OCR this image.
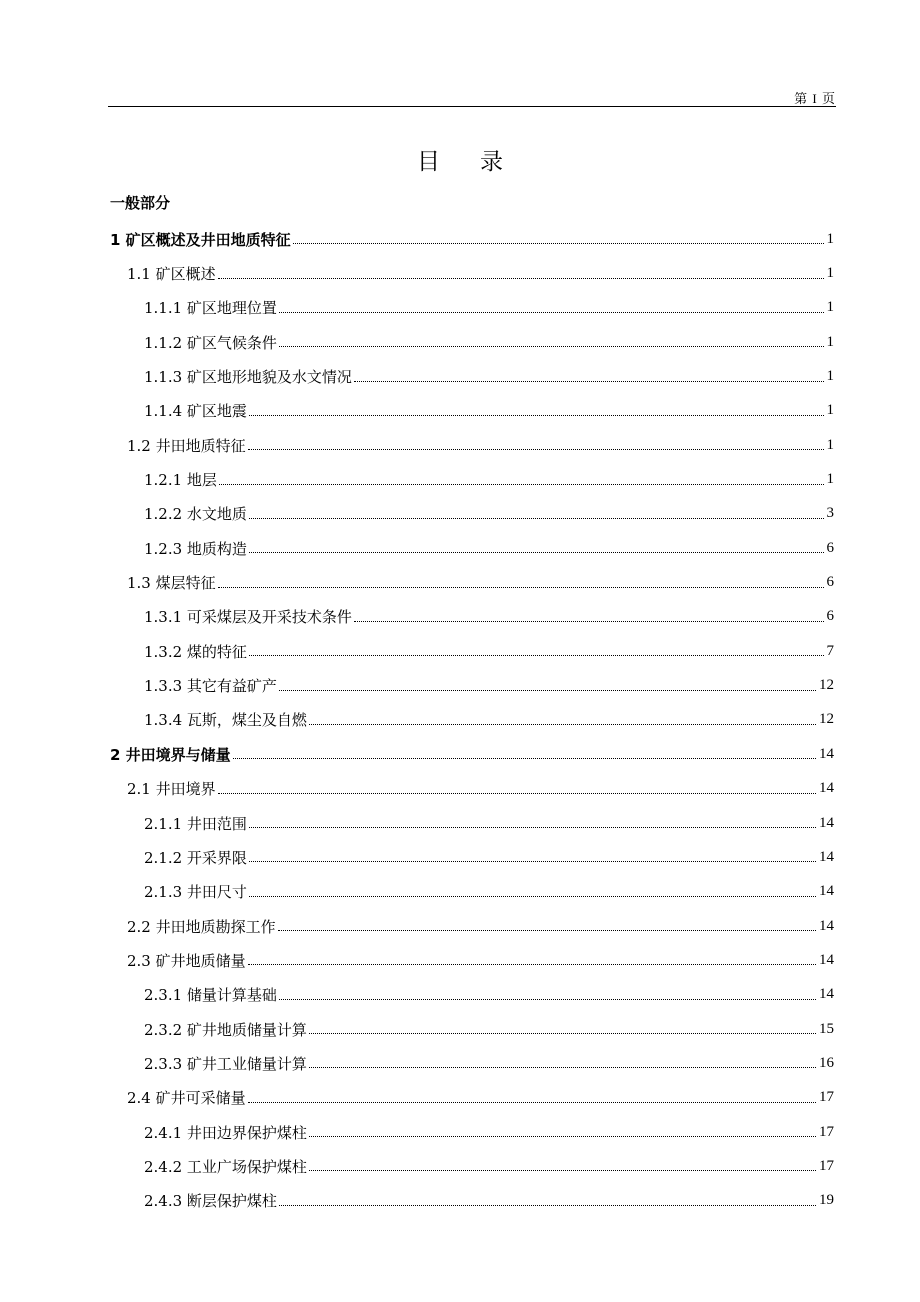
第 I 页
目录
一般部分
1 矿区概述及井田地质特征	1
1.1 矿区概述	1
1.1.1 矿区地理位置	1
1.1.2 矿区气候条件	1
1.1.3 矿区地形地貌及水文情况	1
1.1.4 矿区地震	1
1.2 井田地质特征	1
1.2.1 地层	1
1.2.2 水文地质	3
1.2.3 地质构造	6
1.3 煤层特征	6
1.3.1 可采煤层及开采技术条件	6
1.3.2 煤的特征	7
1.3.3 其它有益矿产	12
1.3.4 瓦斯，煤尘及自燃	12
2 井田境界与储量	14
2.1 井田境界	14
2.1.1 井田范围	14
2.1.2 开采界限	14
2.1.3 井田尺寸	14
2.2 井田地质勘探工作	14
2.3 矿井地质储量	14
2.3.1 储量计算基础	14
2.3.2 矿井地质储量计算	15
2.3.3 矿井工业储量计算	16
2.4 矿井可采储量	17
2.4.1 井田边界保护煤柱	17
2.4.2 工业广场保护煤柱	17
2.4.3 断层保护煤柱	19
